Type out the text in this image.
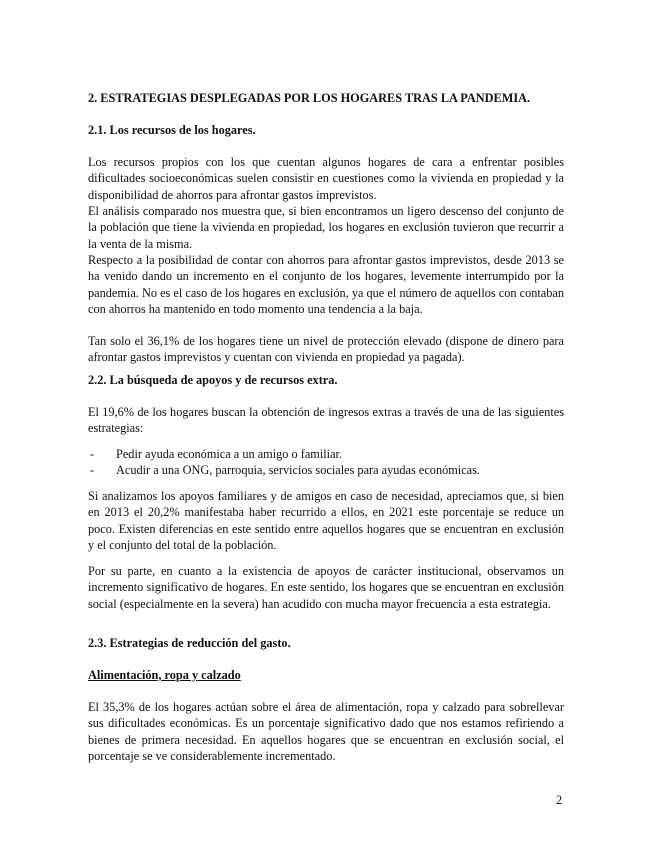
2. ESTRATEGIAS DESPLEGADAS POR LOS HOGARES TRAS LA PANDEMIA.

2.1. Los recursos de los hogares.

Los recursos propios con los que cuentan algunos hogares de cara a enfrentar posibles dificultades socioeconómicas suelen consistir en cuestiones como la vivienda en propiedad y la disponibilidad de ahorros para afrontar gastos imprevistos.

El análisis comparado nos muestra que, si bien encontramos un ligero descenso del conjunto de la población que tiene la vivienda en propiedad, los hogares en exclusión tuvieron que recurrir a la venta de la misma.

Respecto a la posibilidad de contar con ahorros para afrontar gastos imprevistos, desde 2013 se ha venido dando un incremento en el conjunto de los hogares, levemente interrumpido por la pandemia. No es el caso de los hogares en exclusión, ya que el número de aquellos con contaban con ahorros ha mantenido en todo momento una tendencia a la baja.

Tan solo el 36,1% de los hogares tiene un nivel de protección elevado (dispone de dinero para afrontar gastos imprevistos y cuentan con vivienda en propiedad ya pagada).

2.2. La búsqueda de apoyos y de recursos extra.

El 19,6% de los hogares buscan la obtención de ingresos extras a través de una de las siguientes estrategias:

- Pedir ayuda económica a un amigo o familiar.
- Acudir a una ONG, parroquia, servicios sociales para ayudas económicas.

Si analizamos los apoyos familiares y de amigos en caso de necesidad, apreciamos que, si bien en 2013 el 20,2% manifestaba haber recurrido a ellos, en 2021 este porcentaje se reduce un poco. Existen diferencias en este sentido entre aquellos hogares que se encuentran en exclusión y el conjunto del total de la población.

Por su parte, en cuanto a la existencia de apoyos de carácter institucional, observamos un incremento significativo de hogares. En este sentido, los hogares que se encuentran en exclusión social (especialmente en la severa) han acudido con mucha mayor frecuencia a esta estrategia.

2.3. Estrategias de reducción del gasto.

Alimentación, ropa y calzado

El 35,3% de los hogares actúan sobre el área de alimentación, ropa y calzado para sobrellevar sus dificultades económicas. Es un porcentaje significativo dado que nos estamos refiriendo a bienes de primera necesidad. En aquellos hogares que se encuentran en exclusión social, el porcentaje se ve considerablemente incrementado.

2
